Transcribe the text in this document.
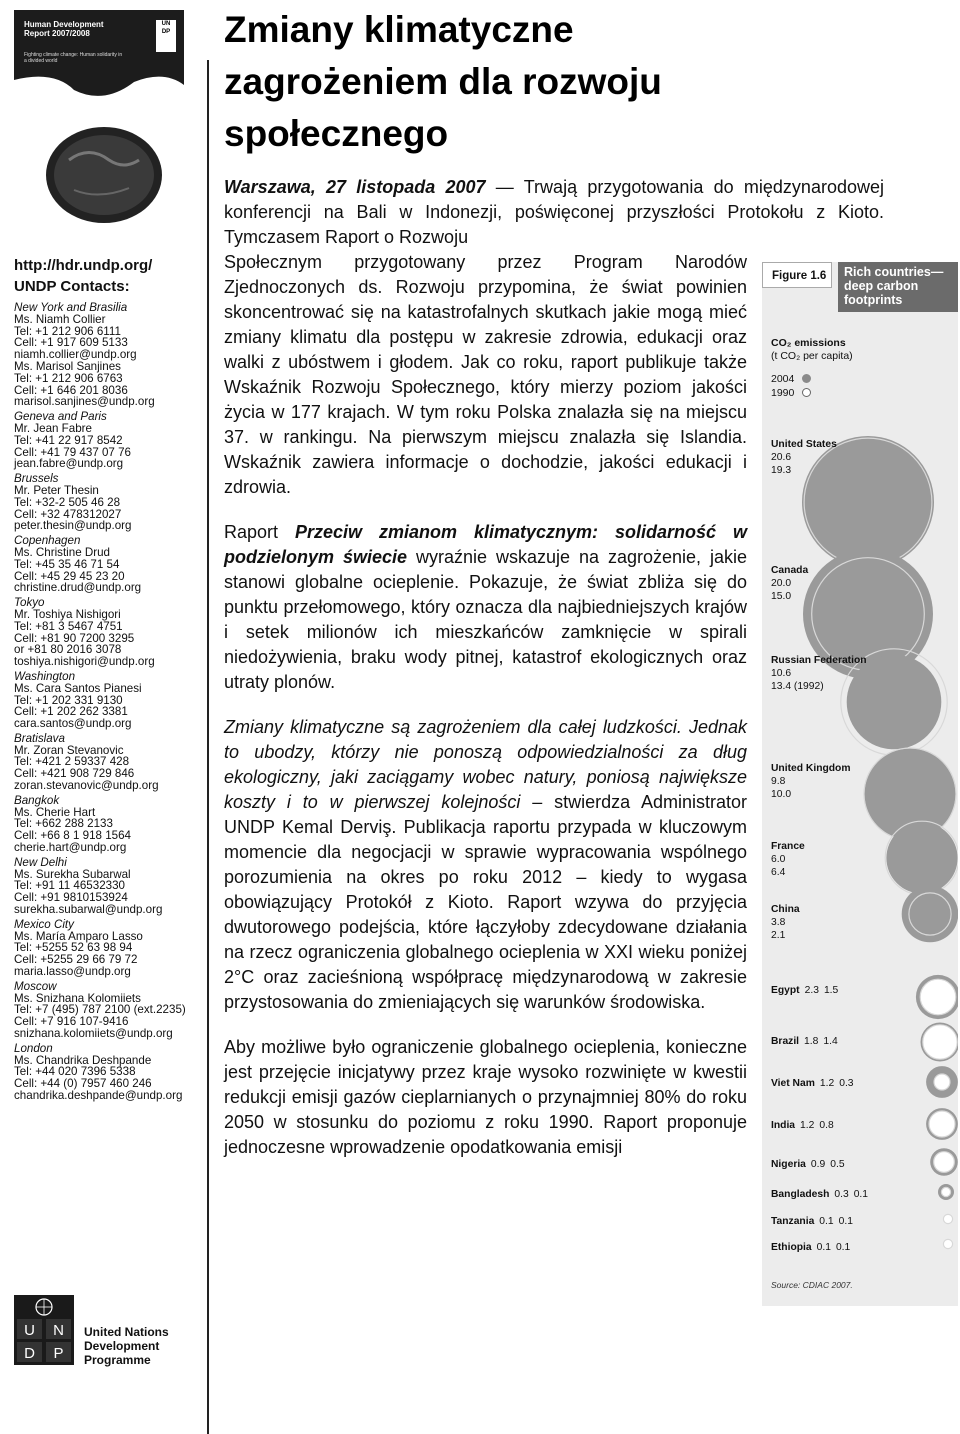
Human Development Report 2007/2008
Fighting climate change: Human solidarity in a divided world
UN
DP
http://hdr.undp.org/
UNDP Contacts:
New York and Brasilia
Ms. Niamh Collier
Tel: +1 212 906 6111
Cell: +1 917 609 5133
niamh.collier@undp.org
Ms. Marisol Sanjines
Tel: +1 212 906 6763
Cell: +1 646 201 8036
marisol.sanjines@undp.org
Geneva and Paris
Mr. Jean Fabre
Tel: +41 22 917 8542
Cell: +41 79 437 07 76
jean.fabre@undp.org
Brussels
Mr. Peter Thesin
Tel: +32-2 505 46 28
Cell: +32 478312027
peter.thesin@undp.org
Copenhagen
Ms. Christine Drud
Tel: +45 35 46 71 54
Cell: +45 29 45 23 20
christine.drud@undp.org
Tokyo
Mr. Toshiya Nishigori
Tel: +81 3 5467 4751
Cell: +81 90 7200 3295
or +81 80 2016 3078
toshiya.nishigori@undp.org
Washington
Ms. Cara Santos Pianesi
Tel: +1 202 331 9130
Cell: +1 202 262 3381
cara.santos@undp.org
Bratislava
Mr. Zoran Stevanovic
Tel: +421 2 59337 428
Cell: +421 908 729 846
zoran.stevanovic@undp.org
Bangkok
Ms. Cherie Hart
Tel: +662 288 2133
Cell: +66 8 1 918 1564
cherie.hart@undp.org
New Delhi
Ms. Surekha Subarwal
Tel: +91 11 46532330
Cell: +91 9810153924
surekha.subarwal@undp.org
Mexico City
Ms. María Amparo Lasso
Tel: +5255 52 63 98 94
Cell: +5255 29 66 79 72
maria.lasso@undp.org
Moscow
Ms. Snizhana Kolomiiets
Tel: +7 (495) 787 2100 (ext.2235)
Cell: +7 916 107-9416
snizhana.kolomiiets@undp.org
London
Ms. Chandrika Deshpande
Tel: +44 020 7396 5338
Cell: +44 (0) 7957 460 246
chandrika.deshpande@undp.org
U N
D P
United Nations
Development
Programme
Zmiany klimatyczne zagrożeniem dla rozwoju społecznego

Warszawa, 27 listopada 2007 — Trwają przygotowania do międzynarodowej konferencji na Bali w Indonezji, poświęconej przyszłości Protokołu z Kioto. Tymczasem Raport o Rozwoju
Społecznym przygotowany przez Program Narodów Zjednoczonych ds. Rozwoju przypomina, że świat powinien skoncentrować się na katastrofalnych skutkach jakie mogą mieć zmiany klimatu dla postępu w zakresie zdrowia, edukacji oraz walki z ubóstwem i głodem. Jak co roku, raport publikuje także Wskaźnik Rozwoju Społecznego, który mierzy poziom jakości życia w 177 krajach. W tym roku Polska znalazła się na miejscu 37. w rankingu. Na pierwszym miejscu znalazła się Islandia. Wskaźnik zawiera informacje o dochodzie, jakości edukacji i zdrowia.

Raport Przeciw zmianom klimatycznym: solidarność w podzielonym świecie wyraźnie wskazuje na zagrożenie, jakie stanowi globalne ocieplenie. Pokazuje, że świat zbliża się do punktu przełomowego, który oznacza dla najbiedniejszych krajów i setek milionów ich mieszkańców zamknięcie w spirali niedożywienia, braku wody pitnej, katastrof ekologicznych oraz utraty plonów.

Zmiany klimatyczne są zagrożeniem dla całej ludzkości. Jednak to ubodzy, którzy nie ponoszą odpowiedzialności za dług ekologiczny, jaki zaciągamy wobec natury, poniosą największe koszty i to w pierwszej kolejności – stwierdza Administrator UNDP Kemal Derviş. Publikacja raportu przypada w kluczowym momencie dla negocjacji w sprawie wypracowania wspólnego porozumienia na okres po roku 2012 – kiedy to wygasa obowiązujący Protokół z Kioto. Raport wzywa do przyjęcia dwutorowego podejścia, które łączyłoby zdecydowane działania na rzecz ograniczenia globalnego ocieplenia w XXI wieku poniżej 2°C oraz zacieśnioną współpracę międzynarodową w zakresie przystosowania do zmieniających się warunków środowiska.

Aby możliwe było ograniczenie globalnego ocieplenia, konieczne jest przejęcie inicjatywy przez kraje wysoko rozwinięte w kwestii redukcji emisji gazów cieplarnianych o przynajmniej 80% do roku 2050 w stosunku do poziomu z roku 1990. Raport proponuje jednoczesne wprowadzenie opodatkowania emisji

Figure 1.6	Rich countries— deep carbon footprints
CO₂ emissions
(t CO₂ per capita)
2004
1990
United States
20.6
19.3
Canada
20.0
15.0
Russian Federation
10.6
13.4 (1992)
United Kingdom
9.8
10.0
France
6.0
6.4
China
3.8
2.1
Egypt 2.3 1.5
Brazil 1.8 1.4
Viet Nam 1.2 0.3
India 1.2 0.8
Nigeria 0.9 0.5
Bangladesh 0.3 0.1
Tanzania 0.1 0.1
Ethiopia 0.1 0.1
Source: CDIAC 2007.
